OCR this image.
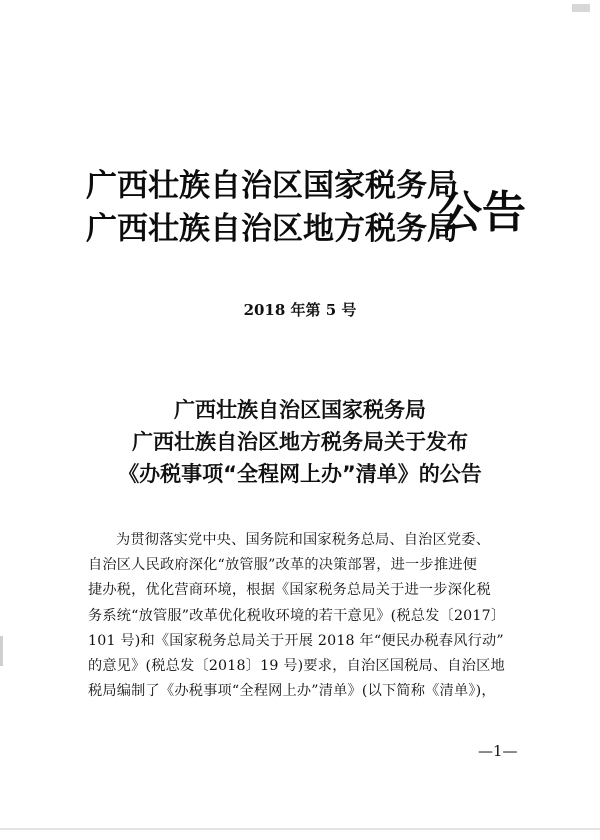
广西壮族自治区国家税务局
广西壮族自治区地方税务局
公告
2018 年第 5 号
广西壮族自治区国家税务局
广西壮族自治区地方税务局关于发布
《办税事项“全程网上办”清单》的公告
为贯彻落实党中央、国务院和国家税务总局、自治区党委、
自治区人民政府深化“放管服”改革的决策部署，进一步推进便
捷办税，优化营商环境，根据《国家税务总局关于进一步深化税
务系统“放管服”改革优化税收环境的若干意见》(税总发〔2017〕
101 号)和《国家税务总局关于开展 2018 年“便民办税春风行动”
的意见》(税总发〔2018〕19 号)要求，自治区国税局、自治区地
税局编制了《办税事项“全程网上办”清单》(以下简称《清单》)，
—1—
